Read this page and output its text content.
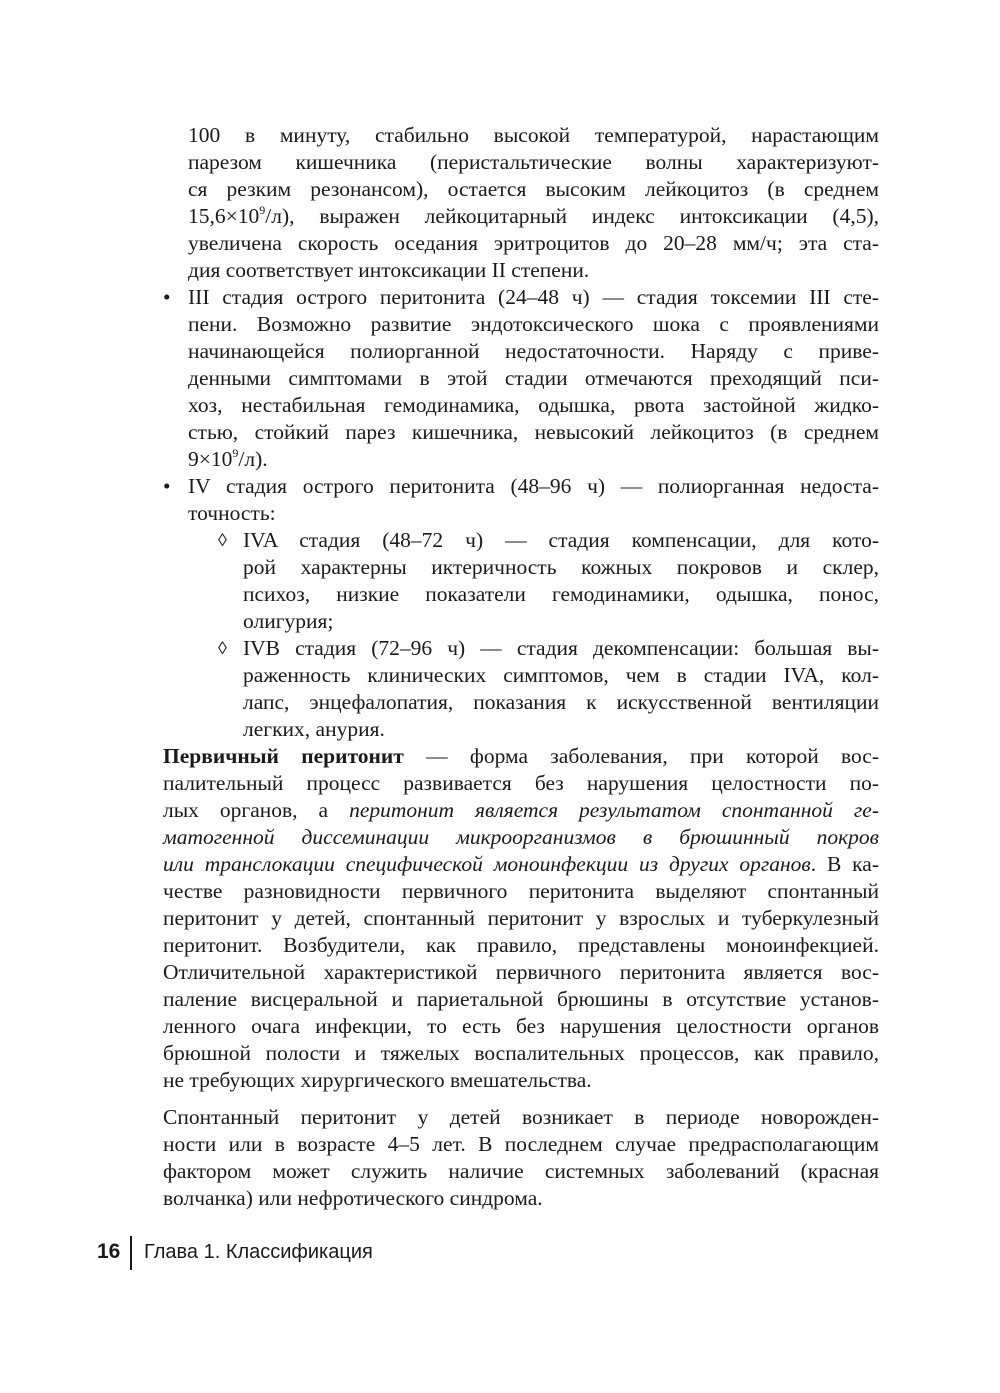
100 в минуту, стабильно высокой температурой, нарастающим
парезом кишечника (перистальтические волны характеризуют-
ся резким резонансом), остается высоким лейкоцитоз (в среднем
$15,6\times 10^9/л$), выражен лейкоцитарный индекс интоксикации (4,5),
увеличена скорость оседания эритроцитов до 20–28 мм/ч; эта ста-
дия соответствует интоксикации II степени.
• III стадия острого перитонита (24–48 ч) — стадия токсемии III сте-
пени. Возможно развитие эндотоксического шока с проявлениями
начинающейся полиорганной недостаточности. Наряду с приве-
денными симптомами в этой стадии отмечаются преходящий пси-
хоз, нестабильная гемодинамика, одышка, рвота застойной жидко-
стью, стойкий парез кишечника, невысокий лейкоцитоз (в среднем
$9\times 10^9/л$).
• IV стадия острого перитонита (48–96 ч) — полиорганная недоста-
точность:
◊ IVA стадия (48–72 ч) — стадия компенсации, для кото-
рой характерны иктеричность кожных покровов и склер,
психоз, низкие показатели гемодинамики, одышка, понос,
олигурия;
◊ IVB стадия (72–96 ч) — стадия декомпенсации: большая вы-
раженность клинических симптомов, чем в стадии IVA, кол-
лапс, энцефалопатия, показания к искусственной вентиляции
легких, анурия.
Первичный перитонит — форма заболевания, при которой вос-
палительный процесс развивается без нарушения целостности по-
лых органов, а перитонит является результатом спонтанной ге-
матогенной диссеминации микроорганизмов в брюшинный покров
или транслокации специфической моноинфекции из других органов. В ка-
честве разновидности первичного перитонита выделяют спонтанный
перитонит у детей, спонтанный перитонит у взрослых и туберкулезный
перитонит. Возбудители, как правило, представлены моноинфекцией.
Отличительной характеристикой первичного перитонита является вос-
паление висцеральной и париетальной брюшины в отсутствие установ-
ленного очага инфекции, то есть без нарушения целостности органов
брюшной полости и тяжелых воспалительных процессов, как правило,
не требующих хирургического вмешательства.
Спонтанный перитонит у детей возникает в периоде новорожден-
ности или в возрасте 4–5 лет. В последнем случае предрасполагающим
фактором может служить наличие системных заболеваний (красная
волчанка) или нефротического синдрома.
16 Глава 1. Классификация
